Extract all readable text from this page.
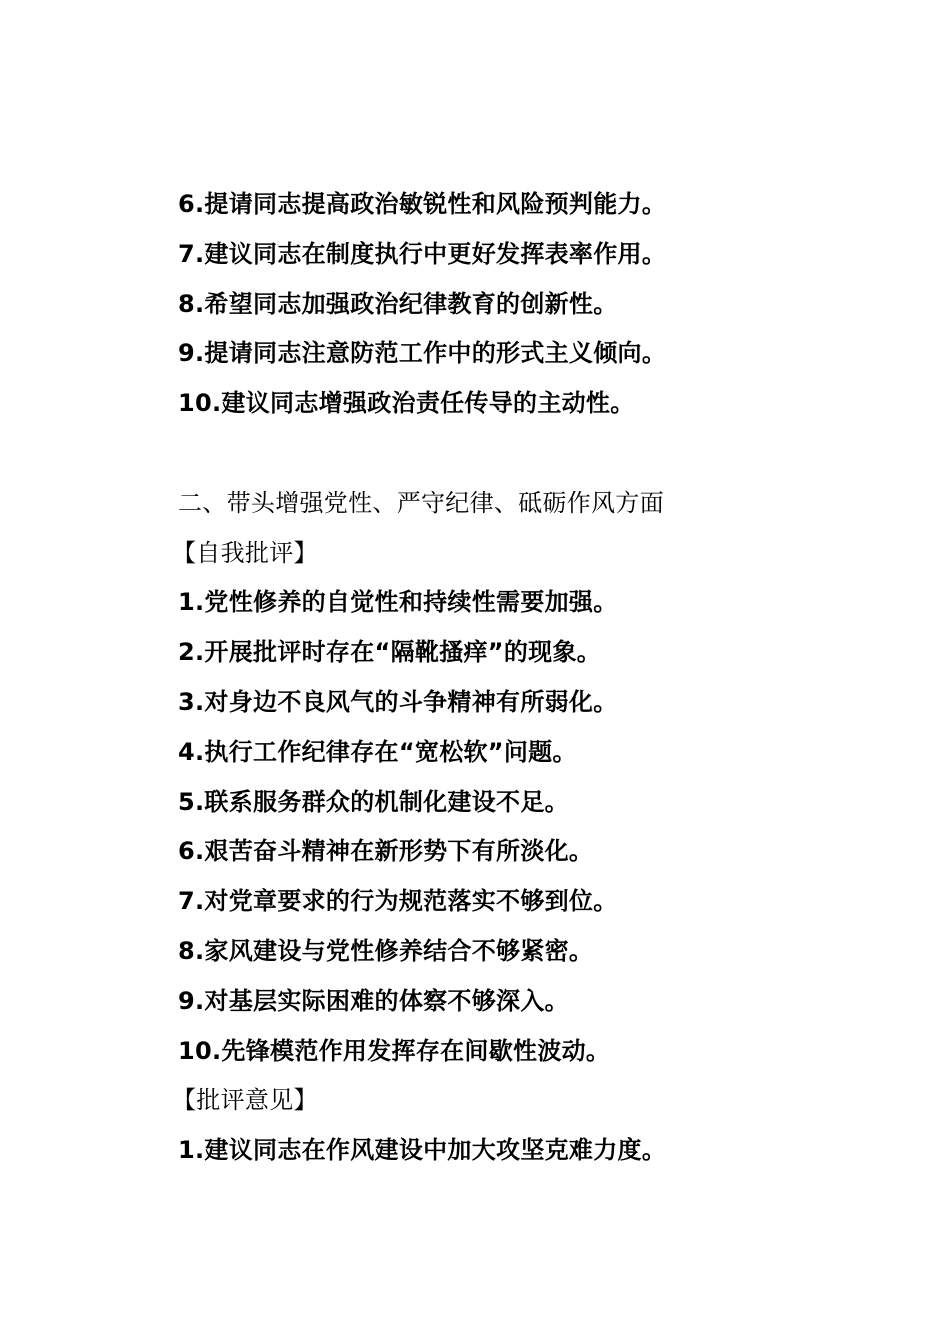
6.提请同志提高政治敏锐性和风险预判能力。
7.建议同志在制度执行中更好发挥表率作用。
8.希望同志加强政治纪律教育的创新性。
9.提请同志注意防范工作中的形式主义倾向。
10.建议同志增强政治责任传导的主动性。
二、带头增强党性、严守纪律、砥砺作风方面
【自我批评】
1.党性修养的自觉性和持续性需要加强。
2.开展批评时存在“隔靴搔痒”的现象。
3.对身边不良风气的斗争精神有所弱化。
4.执行工作纪律存在“宽松软”问题。
5.联系服务群众的机制化建设不足。
6.艰苦奋斗精神在新形势下有所淡化。
7.对党章要求的行为规范落实不够到位。
8.家风建设与党性修养结合不够紧密。
9.对基层实际困难的体察不够深入。
10.先锋模范作用发挥存在间歇性波动。
【批评意见】
1.建议同志在作风建设中加大攻坚克难力度。
